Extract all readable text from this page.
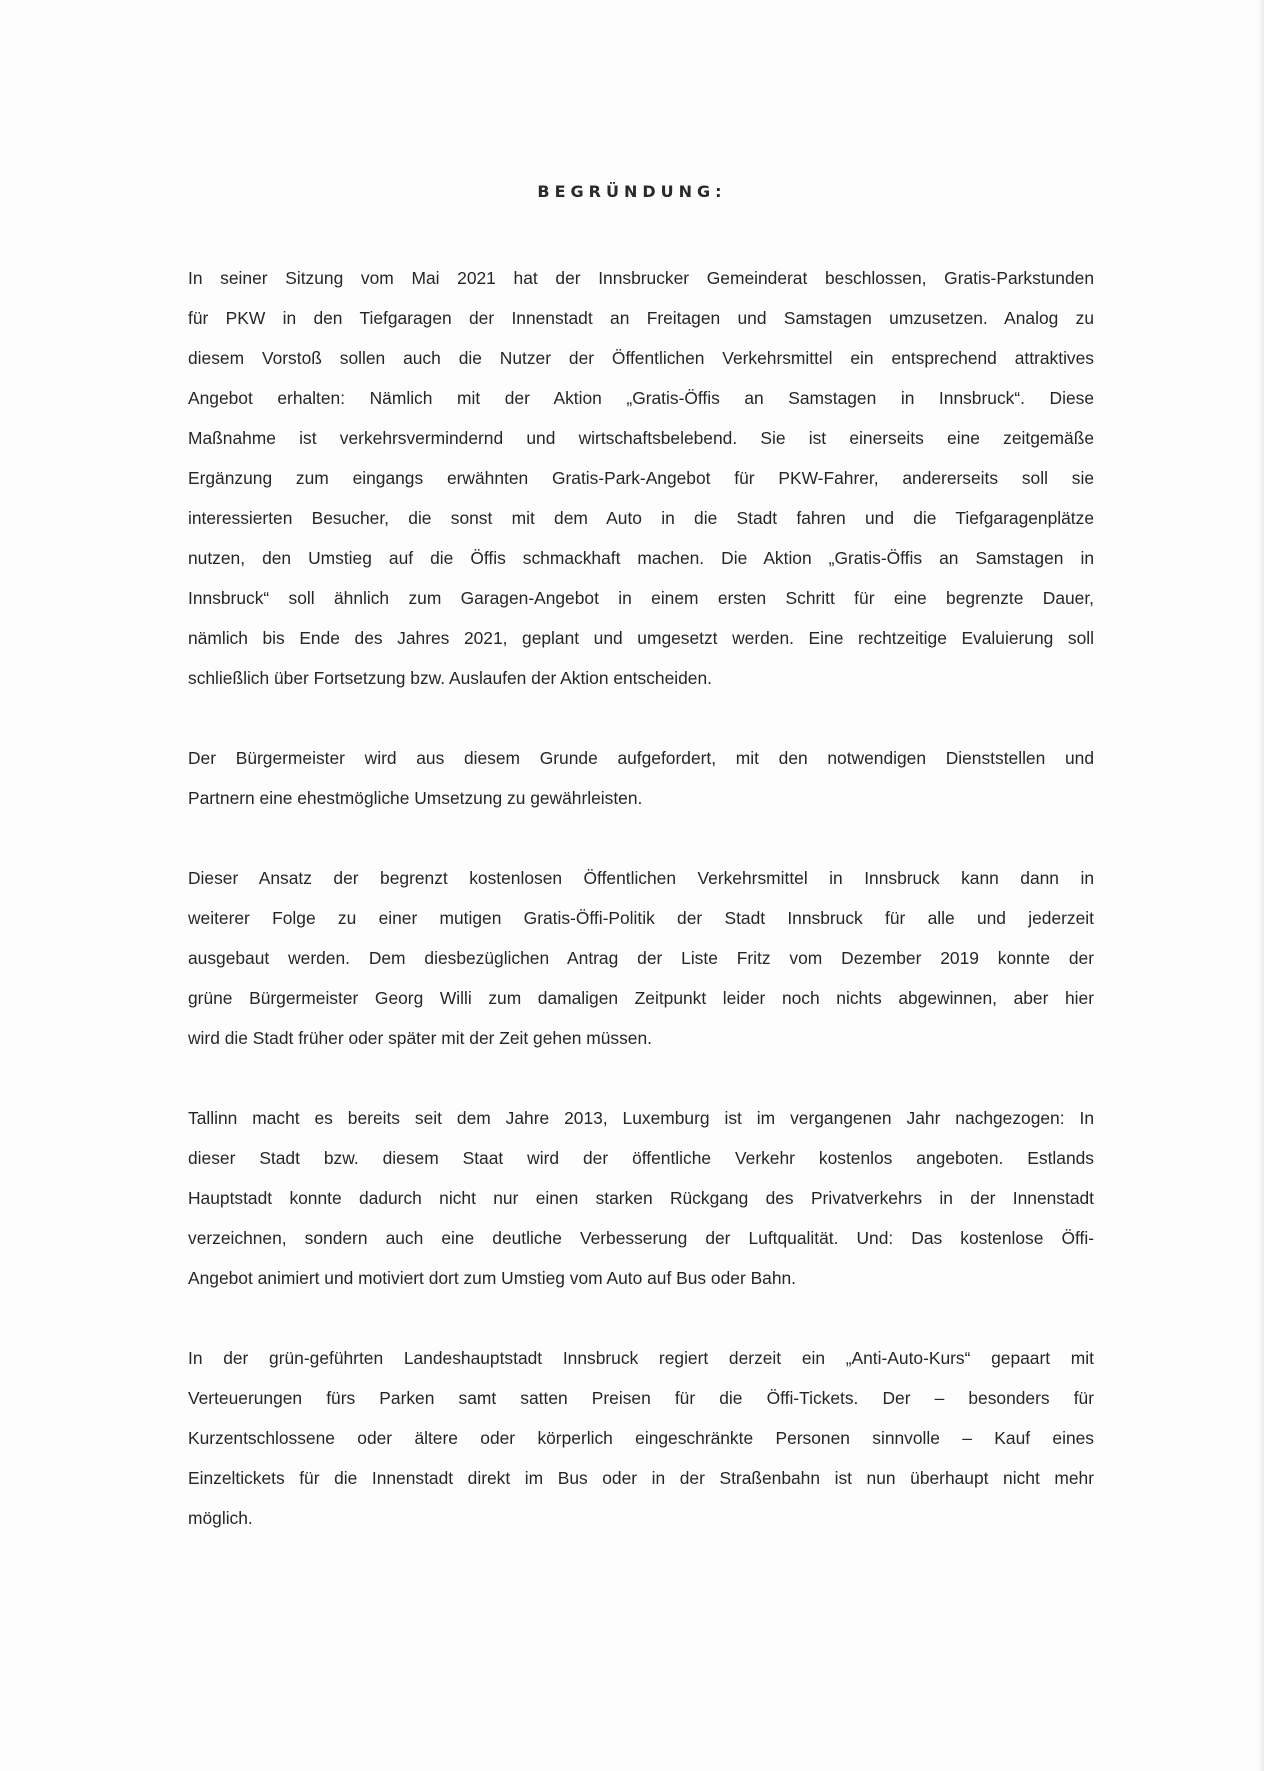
BEGRÜNDUNG:

In seiner Sitzung vom Mai 2021 hat der Innsbrucker Gemeinderat beschlossen, Gratis-Parkstunden
für PKW in den Tiefgaragen der Innenstadt an Freitagen und Samstagen umzusetzen. Analog zu
diesem Vorstoß sollen auch die Nutzer der Öffentlichen Verkehrsmittel ein entsprechend attraktives
Angebot erhalten: Nämlich mit der Aktion „Gratis-Öffis an Samstagen in Innsbruck“. Diese
Maßnahme ist verkehrsvermindernd und wirtschaftsbelebend. Sie ist einerseits eine zeitgemäße
Ergänzung zum eingangs erwähnten Gratis-Park-Angebot für PKW-Fahrer, andererseits soll sie
interessierten Besucher, die sonst mit dem Auto in die Stadt fahren und die Tiefgaragenplätze
nutzen, den Umstieg auf die Öffis schmackhaft machen. Die Aktion „Gratis-Öffis an Samstagen in
Innsbruck“ soll ähnlich zum Garagen-Angebot in einem ersten Schritt für eine begrenzte Dauer,
nämlich bis Ende des Jahres 2021, geplant und umgesetzt werden. Eine rechtzeitige Evaluierung soll
schließlich über Fortsetzung bzw. Auslaufen der Aktion entscheiden.

Der Bürgermeister wird aus diesem Grunde aufgefordert, mit den notwendigen Dienststellen und
Partnern eine ehestmögliche Umsetzung zu gewährleisten.

Dieser Ansatz der begrenzt kostenlosen Öffentlichen Verkehrsmittel in Innsbruck kann dann in
weiterer Folge zu einer mutigen Gratis-Öffi-Politik der Stadt Innsbruck für alle und jederzeit
ausgebaut werden. Dem diesbezüglichen Antrag der Liste Fritz vom Dezember 2019 konnte der
grüne Bürgermeister Georg Willi zum damaligen Zeitpunkt leider noch nichts abgewinnen, aber hier
wird die Stadt früher oder später mit der Zeit gehen müssen.

Tallinn macht es bereits seit dem Jahre 2013, Luxemburg ist im vergangenen Jahr nachgezogen: In
dieser Stadt bzw. diesem Staat wird der öffentliche Verkehr kostenlos angeboten. Estlands
Hauptstadt konnte dadurch nicht nur einen starken Rückgang des Privatverkehrs in der Innenstadt
verzeichnen, sondern auch eine deutliche Verbesserung der Luftqualität. Und: Das kostenlose Öffi-
Angebot animiert und motiviert dort zum Umstieg vom Auto auf Bus oder Bahn.

In der grün-geführten Landeshauptstadt Innsbruck regiert derzeit ein „Anti-Auto-Kurs“ gepaart mit
Verteuerungen fürs Parken samt satten Preisen für die Öffi-Tickets. Der – besonders für
Kurzentschlossene oder ältere oder körperlich eingeschränkte Personen sinnvolle – Kauf eines
Einzeltickets für die Innenstadt direkt im Bus oder in der Straßenbahn ist nun überhaupt nicht mehr
möglich.
